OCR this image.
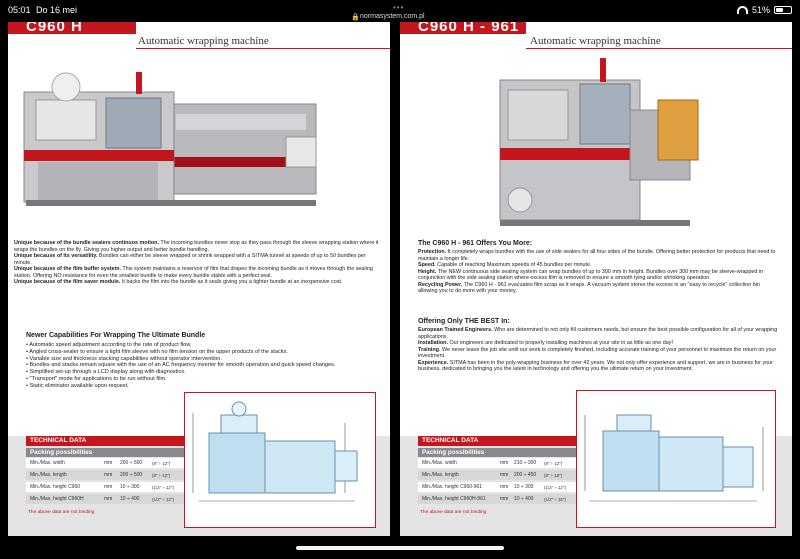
05:01 Do 16 mei	•••
🔒 normasystem.com.pl
51%
C960 H
Automatic wrapping machine

Unique because of the bundle sealers continuos motion. The incoming bundles never stop as they pass through the sleeve wrapping station where it wraps the bundles on the fly. Giving you higher output and better bundle handling.

Unique because of its versatility. Bundles can either be sleeve wrapped or shrink wrapped with a SITMA tunnel at speeds of up to 50 bundles per minute.

Unique because of the film buffer system. This system maintains a reservoir of film that drapes the incoming bundle as it moves through the sealing station. Offering NO resistance for even the smallest bundle to make every bundle stable with a perfect seal.

Unique because of the film saver module. It backs the film into the bundle as it seals giving you a tighter bundle at an inexpensive cost.

Newer Capabilities For Wrapping The Ultimate Bundle
• Automatic speed adjustment according to the rate of product flow.
• Angled cross-sealer to ensure a tight film sleeve with no film tension on the upper products of the stacks.
• Variable size and thickness stacking capabilities without operator intervention.
• Bundles and stacks remain square with the use of an AC frequency inverter for smooth operation and quick speed changes.
• Simplified set-up through a LCD display along with diagnostics.
• "Transport" mode for applications to be run without film.
• Static eliminator available upon request.
TECHNICAL DATA
Packing possibilities
Min./Max. width	mm 200 ÷ 500 (8" ÷ 12")
Min./Max. length	mm 200 ÷ 500 (8" ÷ 12")
Min./Max. height C960	mm 10 ÷ 300	(1/2" ÷ 12")
Min./Max. height C960H	mm 10 ÷ 400	(1/2" ÷ 12")
The above data are not binding
C960 H - 961
Automatic wrapping machine
The C960 H - 961 Offers You More:

Protection. It completely wraps bundles with the use of side sealers for all four sides of the bundle. Offering better protection for products that need to maintain a longer life.

Speed. Capable of reaching Maximum speeds of 45 bundles per minute.

Height. The NEW continuous side sealing system can wrap bundles of up to 300 mm in height. Bundles over 300 mm may be sleeve-wrapped in conjunction with the side sealing station where excess film is removed to ensure a smooth tying and/or shrinking operation.

Recycling Power. The C960 H - 961 evacuates film scrap as it wraps. A vacuum system stores the excess in an "easy to recycle" collection bin allowing you to do more with your money.

Offering Only THE BEST In:

European Trained Engineers. Who are determined to not only fill customers needs, but ensure the best possible configuration for all of your wrapping applications.

Installation. Our engineers are dedicated to properly installing machines at your site in as little as one day!

Training. We never leave the job site until our work is completely finished, including accurate training of your personnel to maximize the return on your investment.

Experience. SITMA has been in the poly-wrapping business for over 42 years. We not only offer experience and support, we are in business for your business, dedicated to bringing you the latest in technology and offering you the ultimate return on your investment.

TECHNICAL DATA
Packing possibilities
Min./Max. width	mm 210 ÷ 300 (8" ÷ 12")
Min./Max. length	mm 200 ÷ 450 (8" ÷ 18")
Min./Max. height C960-961	mm 10 ÷ 300 (1/2" ÷ 12")
Min./Max. height C960H-961	mm 10 ÷ 400 (1/2" ÷ 16")
The above data are not binding
